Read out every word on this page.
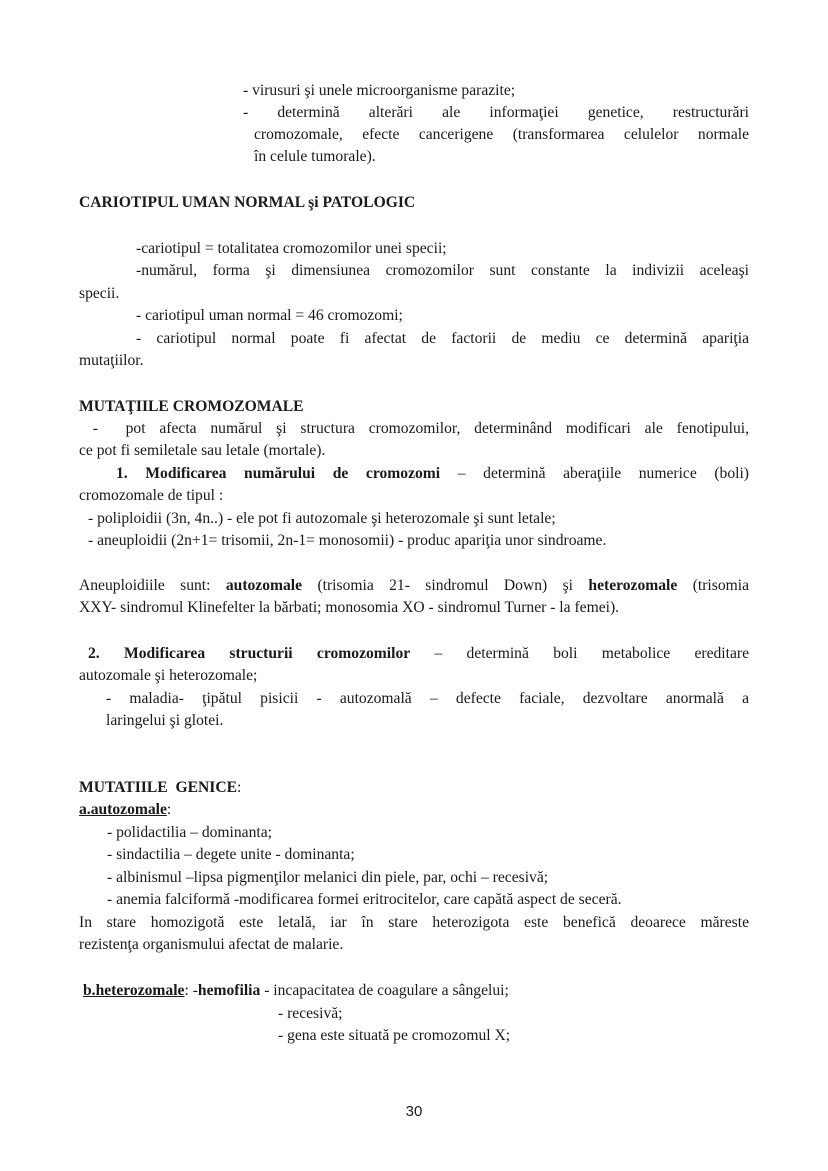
- virusuri şi unele microorganisme parazite;
- determină alterări ale informaţiei genetice, restructurări
cromozomale, efecte cancerigene (transformarea celulelor normale
în celule tumorale).
CARIOTIPUL UMAN NORMAL şi PATOLOGIC
-cariotipul = totalitatea cromozomilor unei specii;
-numărul, forma şi dimensiunea cromozomilor sunt constante la indivizii aceleaşi
specii.
- cariotipul uman normal = 46 cromozomi;
- cariotipul normal poate fi afectat de factorii de mediu ce determină apariţia
mutaţiilor.
MUTAŢIILE CROMOZOMALE
-  pot afecta numărul şi structura cromozomilor, determinând modificari ale fenotipului,
ce pot fi semiletale sau letale (mortale).
1. Modificarea numărului de cromozomi – determină aberaţiile numerice (boli)
cromozomale de tipul :
- poliploidii (3n, 4n..) - ele pot fi autozomale şi heterozomale şi sunt letale;
- aneuploidii (2n+1= trisomii, 2n-1= monosomii) - produc apariţia unor sindroame.
Aneuploidiile sunt: autozomale (trisomia 21- sindromul Down) şi heterozomale (trisomia
XXY- sindromul Klinefelter la bărbati; monosomia XO - sindromul Turner - la femei).
2. Modificarea structurii cromozomilor – determină boli metabolice ereditare
autozomale şi heterozomale;
- maladia- ţipătul pisicii - autozomală – defecte faciale, dezvoltare anormală a
laringelui şi glotei.
MUTATIILE  GENICE:
a.autozomale:
- polidactilia – dominanta;
- sindactilia – degete unite - dominanta;
- albinismul –lipsa pigmenţilor melanici din piele, par, ochi – recesivă;
- anemia falciformă -modificarea formei eritrocitelor, care capătă aspect de seceră.
In stare homozigotă este letală, iar în stare heterozigota este benefică deoarece măreste
rezistenţa organismului afectat de malarie.
b.heterozomale: -hemofilia - incapacitatea de coagulare a sângelui;
- recesivă;
- gena este situată pe cromozomul X;
30
